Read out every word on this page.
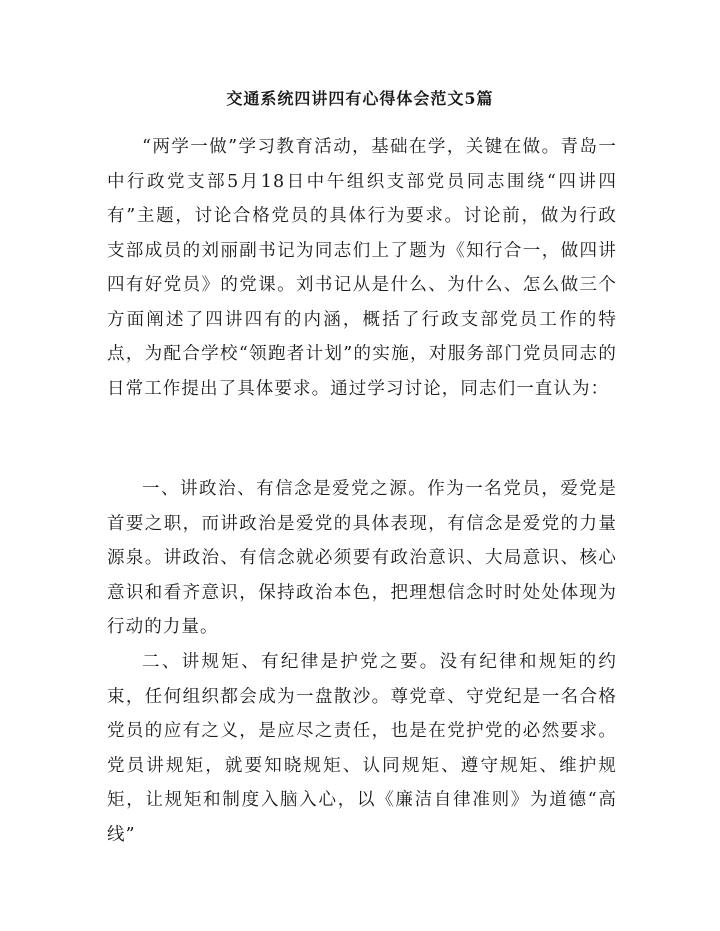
交通系统四讲四有心得体会范文5篇

“两学一做”学习教育活动，基础在学，关键在做。青岛一中行政党支部5月18日中午组织支部党员同志围绕“四讲四有”主题，讨论合格党员的具体行为要求。讨论前，做为行政支部成员的刘丽副书记为同志们上了题为《知行合一，做四讲四有好党员》的党课。刘书记从是什么、为什么、怎么做三个方面阐述了四讲四有的内涵，概括了行政支部党员工作的特点，为配合学校“领跑者计划”的实施，对服务部门党员同志的日常工作提出了具体要求。通过学习讨论，同志们一直认为：

一、讲政治、有信念是爱党之源。作为一名党员，爱党是首要之职，而讲政治是爱党的具体表现，有信念是爱党的力量源泉。讲政治、有信念就必须要有政治意识、大局意识、核心意识和看齐意识，保持政治本色，把理想信念时时处处体现为行动的力量。

二、讲规矩、有纪律是护党之要。没有纪律和规矩的约束，任何组织都会成为一盘散沙。尊党章、守党纪是一名合格党员的应有之义，是应尽之责任，也是在党护党的必然要求。党员讲规矩，就要知晓规矩、认同规矩、遵守规矩、维护规矩，让规矩和制度入脑入心，以《廉洁自律准则》为道德“高线”
